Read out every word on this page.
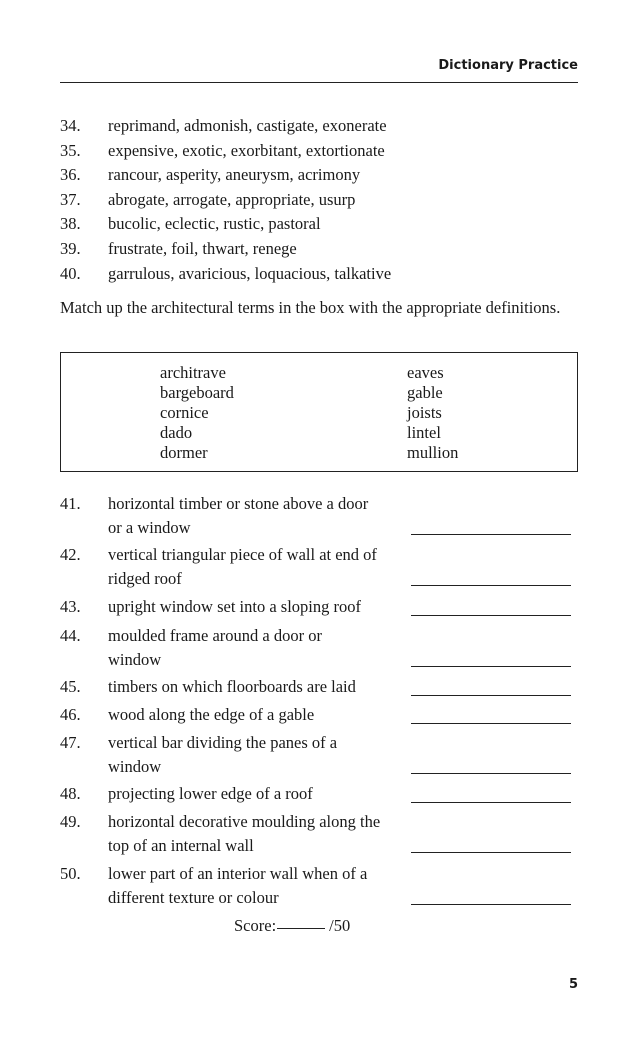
Dictionary Practice
34. reprimand, admonish, castigate, exonerate
35. expensive, exotic, exorbitant, extortionate
36. rancour, asperity, aneurysm, acrimony
37. abrogate, arrogate, appropriate, usurp
38. bucolic, eclectic, rustic, pastoral
39. frustrate, foil, thwart, renege
40. garrulous, avaricious, loquacious, talkative
Match up the architectural terms in the box with the appropriate definitions.
architrave
bargeboard
cornice
dado
dormer
eaves
gable
joists
lintel
mullion
41. horizontal timber or stone above a door
or a window
42. vertical triangular piece of wall at end of
ridged roof
43. upright window set into a sloping roof
44. moulded frame around a door or
window
45. timbers on which floorboards are laid
46. wood along the edge of a gable
47. vertical bar dividing the panes of a
window
48. projecting lower edge of a roof
49. horizontal decorative moulding along the
top of an internal wall
50. lower part of an interior wall when of a
different texture or colour
Score:	/50
5
